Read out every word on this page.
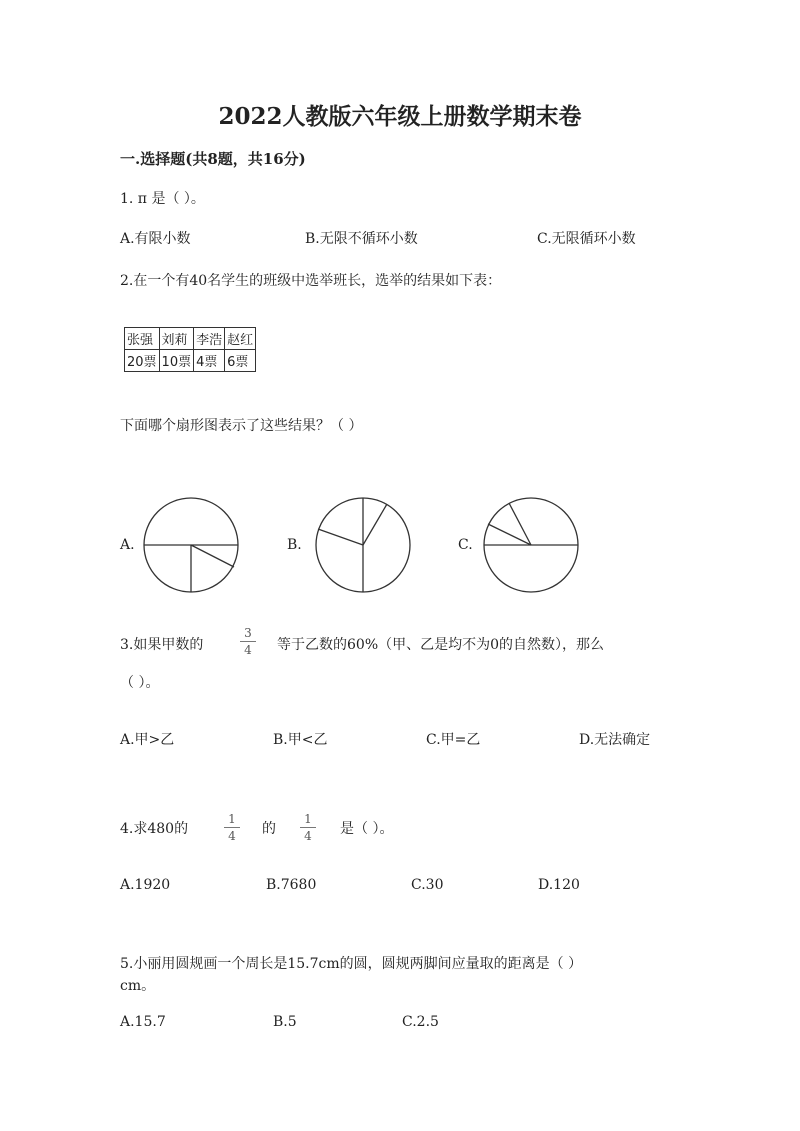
2022人教版六年级上册数学期末卷
一.选择题(共8题，共16分)
1. π 是（ ）。
A.有限小数	B.无限不循环小数	C.无限循环小数
2.在一个有40名学生的班级中选举班长，选举的结果如下表：
张强	刘莉	李浩	赵红
20票	10票	4票	6票
下面哪个扇形图表示了这些结果？（ ）
A.	B.	C.
3.如果甲数的
3
4 等于乙数的60%（甲、乙是均不为0的自然数），那么
（ ）。
A.甲>乙	B.甲<乙	C.甲=乙	D.无法确定
4.求480的
1
4 的
1
4 是（ ）。
A.1920	B.7680	C.30	D.120
5.小丽用圆规画一个周长是15.7cm的圆，圆规两脚间应量取的距离是（ ）
cm。
A.15.7	B.5	C.2.5
